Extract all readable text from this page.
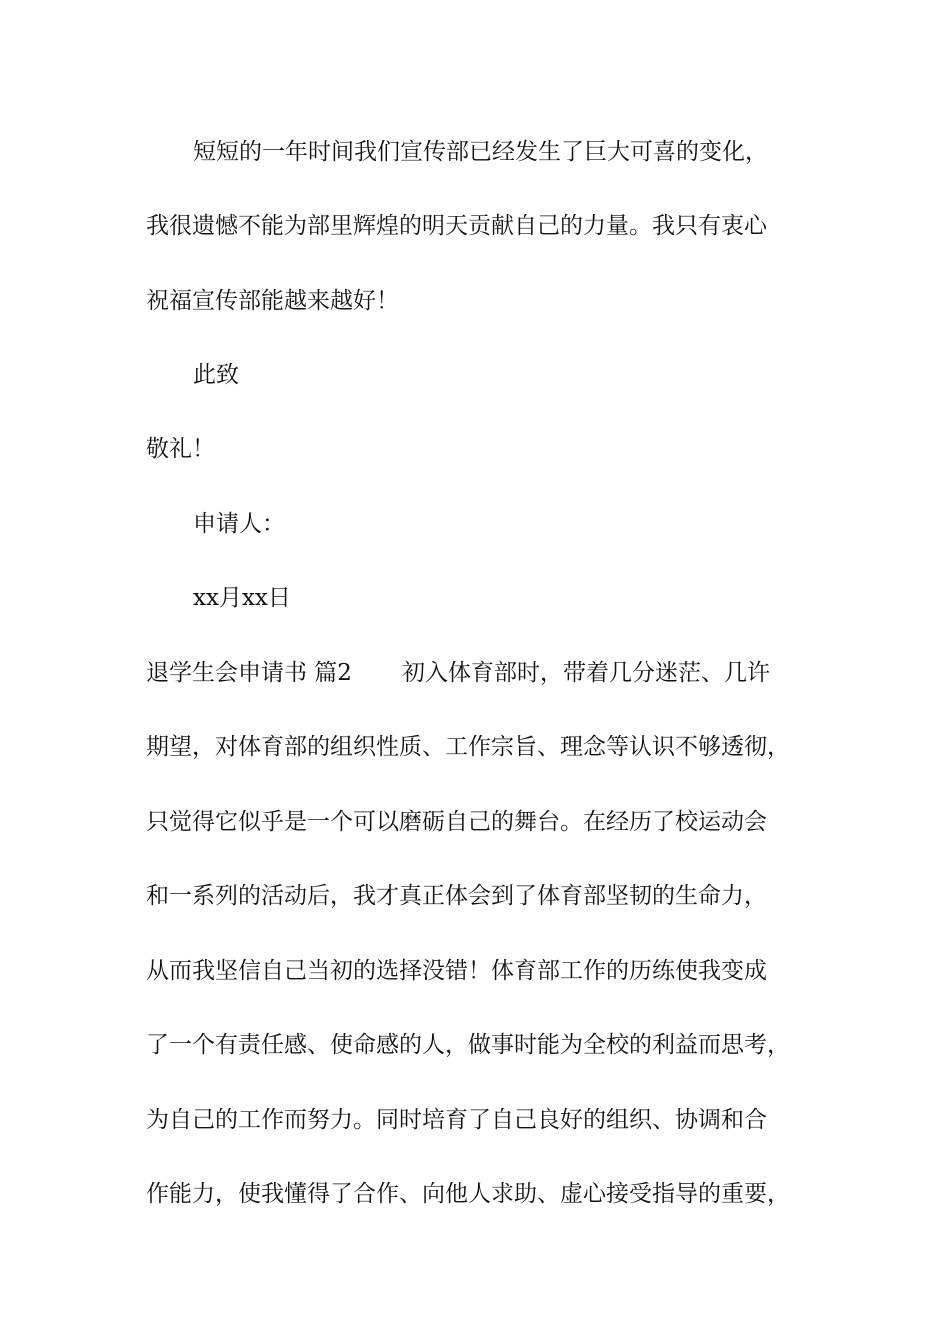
短短的一年时间我们宣传部已经发生了巨大可喜的变化，
我很遗憾不能为部里辉煌的明天贡献自己的力量。我只有衷心
祝福宣传部能越来越好！
此致
敬礼！
申请人：
xx月xx日
退学生会申请书 篇2 初入体育部时，带着几分迷茫、几许
期望，对体育部的组织性质、工作宗旨、理念等认识不够透彻，
只觉得它似乎是一个可以磨砺自己的舞台。在经历了校运动会
和一系列的活动后，我才真正体会到了体育部坚韧的生命力，
从而我坚信自己当初的选择没错！体育部工作的历练使我变成
了一个有责任感、使命感的人，做事时能为全校的利益而思考，
为自己的工作而努力。同时培育了自己良好的组织、协调和合
作能力，使我懂得了合作、向他人求助、虚心接受指导的重要，
